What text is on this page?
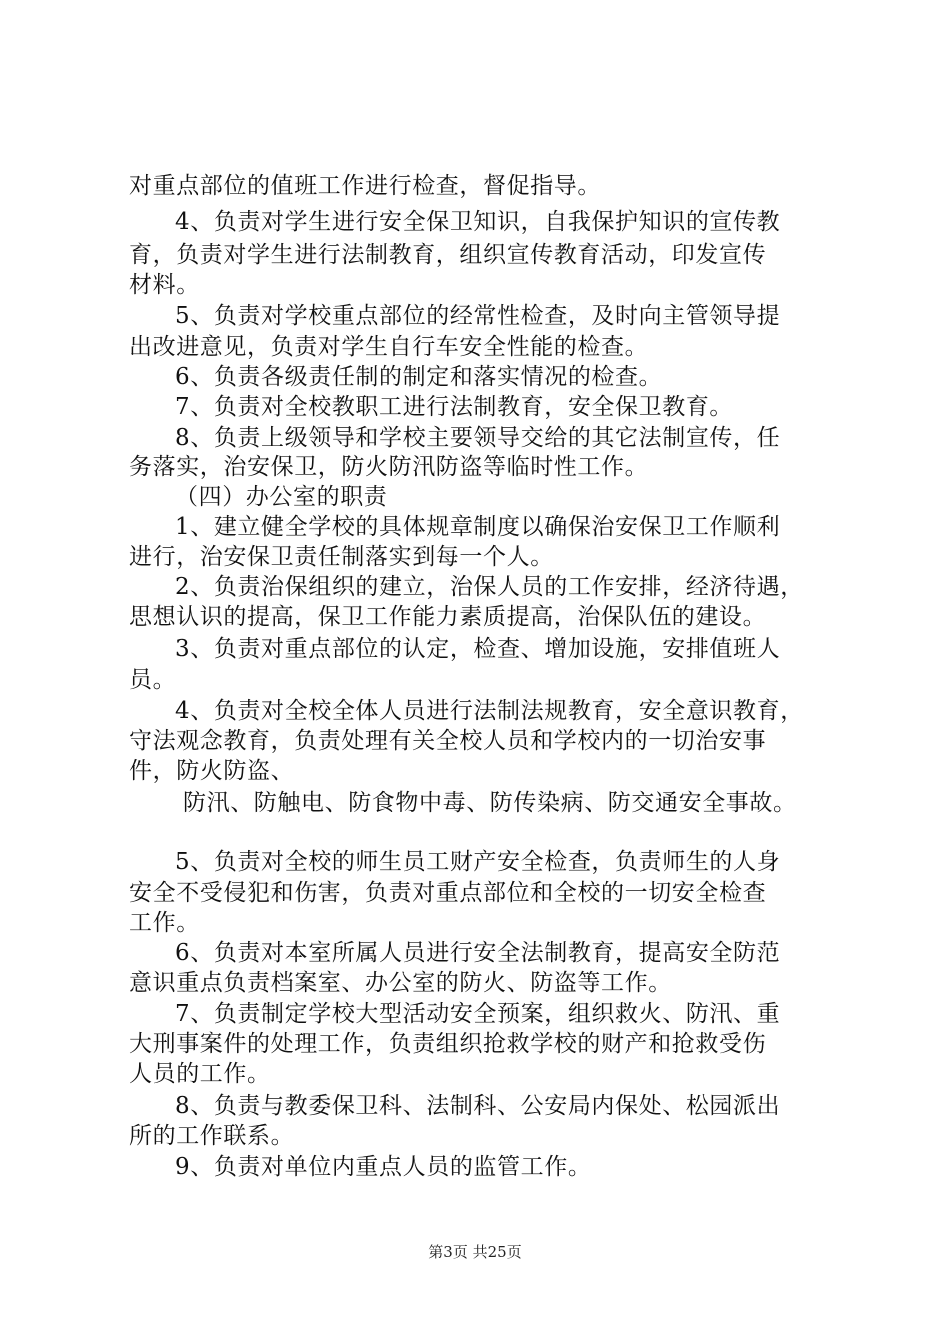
对重点部位的值班工作进行检查，督促指导。
4、负责对学生进行安全保卫知识，自我保护知识的宣传教
育，负责对学生进行法制教育，组织宣传教育活动，印发宣传
材料。
5、负责对学校重点部位的经常性检查，及时向主管领导提
出改进意见，负责对学生自行车安全性能的检查。
6、负责各级责任制的制定和落实情况的检查。
7、负责对全校教职工进行法制教育，安全保卫教育。
8、负责上级领导和学校主要领导交给的其它法制宣传，任
务落实，治安保卫，防火防汛防盗等临时性工作。
（四）办公室的职责
1、建立健全学校的具体规章制度以确保治安保卫工作顺利
进行，治安保卫责任制落实到每一个人。
2、负责治保组织的建立，治保人员的工作安排，经济待遇，
思想认识的提高，保卫工作能力素质提高，治保队伍的建设。
3、负责对重点部位的认定，检查、增加设施，安排值班人
员。
4、负责对全校全体人员进行法制法规教育，安全意识教育，
守法观念教育，负责处理有关全校人员和学校内的一切治安事
件，防火防盗、
防汛、防触电、防食物中毒、防传染病、防交通安全事故。
5、负责对全校的师生员工财产安全检查，负责师生的人身
安全不受侵犯和伤害，负责对重点部位和全校的一切安全检查
工作。
6、负责对本室所属人员进行安全法制教育，提高安全防范
意识重点负责档案室、办公室的防火、防盗等工作。
7、负责制定学校大型活动安全预案，组织救火、防汛、重
大刑事案件的处理工作，负责组织抢救学校的财产和抢救受伤
人员的工作。
8、负责与教委保卫科、法制科、公安局内保处、松园派出
所的工作联系。
9、负责对单位内重点人员的监管工作。
第3页 共25页
